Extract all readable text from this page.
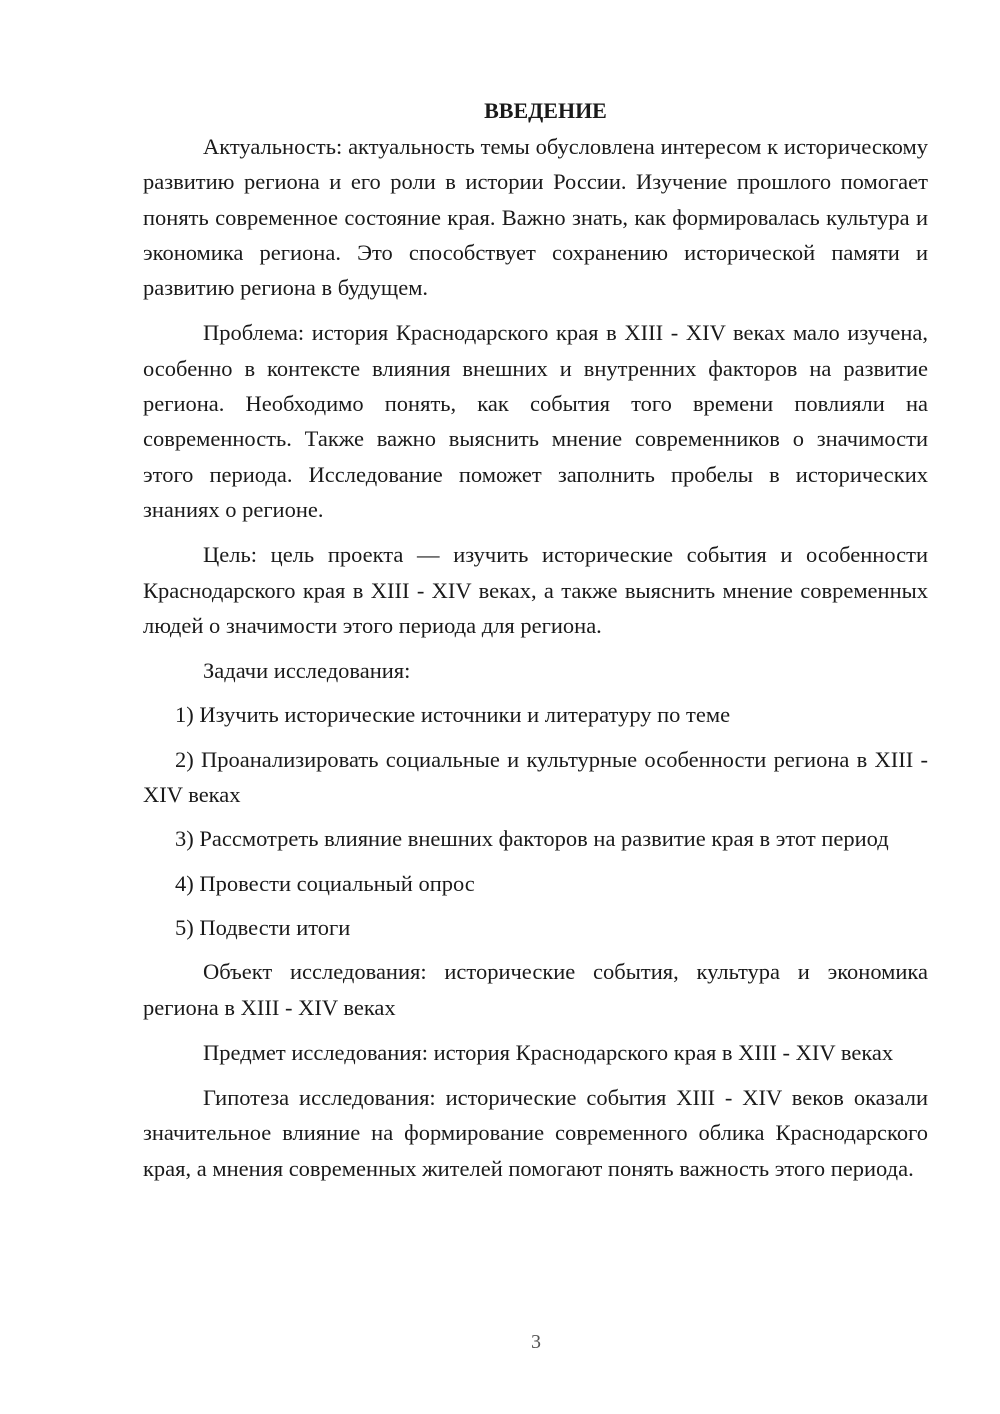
ВВЕДЕНИЕ

Актуальность: актуальность темы обусловлена интересом к историческому развитию региона и его роли в истории России. Изучение прошлого помогает понять современное состояние края. Важно знать, как формировалась культура и экономика региона. Это способствует сохранению исторической памяти и развитию региона в будущем.

Проблема: история Краснодарского края в XIII - XIV веках мало изучена, особенно в контексте влияния внешних и внутренних факторов на развитие региона. Необходимо понять, как события того времени повлияли на современность. Также важно выяснить мнение современников о значимости этого периода. Исследование поможет заполнить пробелы в исторических знаниях о регионе.

Цель: цель проекта — изучить исторические события и особенности Краснодарского края в XIII - XIV веках, а также выяснить мнение современных людей о значимости этого периода для региона.

Задачи исследования:

1) Изучить исторические источники и литературу по теме

2) Проанализировать социальные и культурные особенности региона в XIII - XIV веках

3) Рассмотреть влияние внешних факторов на развитие края в этот период

4) Провести социальный опрос

5) Подвести итоги

Объект исследования: исторические события, культура и экономика региона в XIII - XIV веках

Предмет исследования: история Краснодарского края в XIII - XIV веках

Гипотеза исследования: исторические события XIII - XIV веков оказали значительное влияние на формирование современного облика Краснодарского края, а мнения современных жителей помогают понять важность этого периода.

3
